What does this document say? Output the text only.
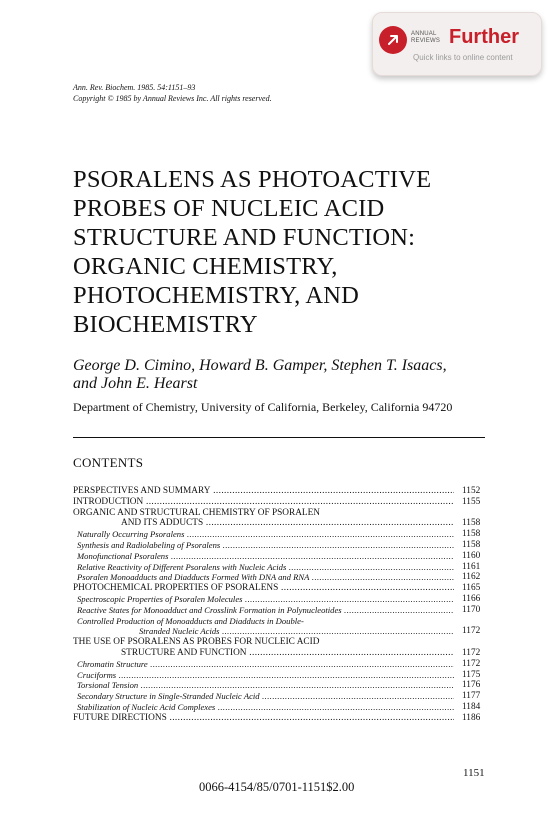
ANNUAL
REVIEWS Further
Quick links to online content
Ann. Rev. Biochem. 1985. 54:1151–93
Copyright © 1985 by Annual Reviews Inc. All rights reserved.
PSORALENS AS PHOTOACTIVE
PROBES OF NUCLEIC ACID
STRUCTURE AND FUNCTION:
ORGANIC CHEMISTRY,
PHOTOCHEMISTRY, AND
BIOCHEMISTRY
George D. Cimino, Howard B. Gamper, Stephen T. Isaacs,
and John E. Hearst
Department of Chemistry, University of California, Berkeley, California 94720
CONTENTS
PERSPECTIVES AND SUMMARY .....	1152
INTRODUCTION .....	1155
ORGANIC AND STRUCTURAL CHEMISTRY OF PSORALEN
AND ITS ADDUCTS .....	1158
Naturally Occurring Psoralens .....	1158
Synthesis and Radiolabeling of Psoralens .....	1158
Monofunctional Psoralens .....	1160
Relative Reactivity of Different Psoralens with Nucleic Acids .....	1161
Psoralen Monoadducts and Diadducts Formed With DNA and RNA .....	1162
PHOTOCHEMICAL PROPERTIES OF PSORALENS .....	1165
Spectroscopic Properties of Psoralen Molecules .....	1166
Reactive States for Monoadduct and Crosslink Formation in Polynucleotides .....	1170
Controlled Production of Monoadducts and Diadducts in Double-
Stranded Nucleic Acids .....	1172
THE USE OF PSORALENS AS PROBES FOR NUCLEIC ACID
STRUCTURE AND FUNCTION .....	1172
Chromatin Structure .....	1172
Cruciforms .....	1175
Torsional Tension .....	1176
Secondary Structure in Single-Stranded Nucleic Acid .....	1177
Stabilization of Nucleic Acid Complexes .....	1184
FUTURE DIRECTIONS .....	1186
1151
0066-4154/85/0701-1151$2.00
